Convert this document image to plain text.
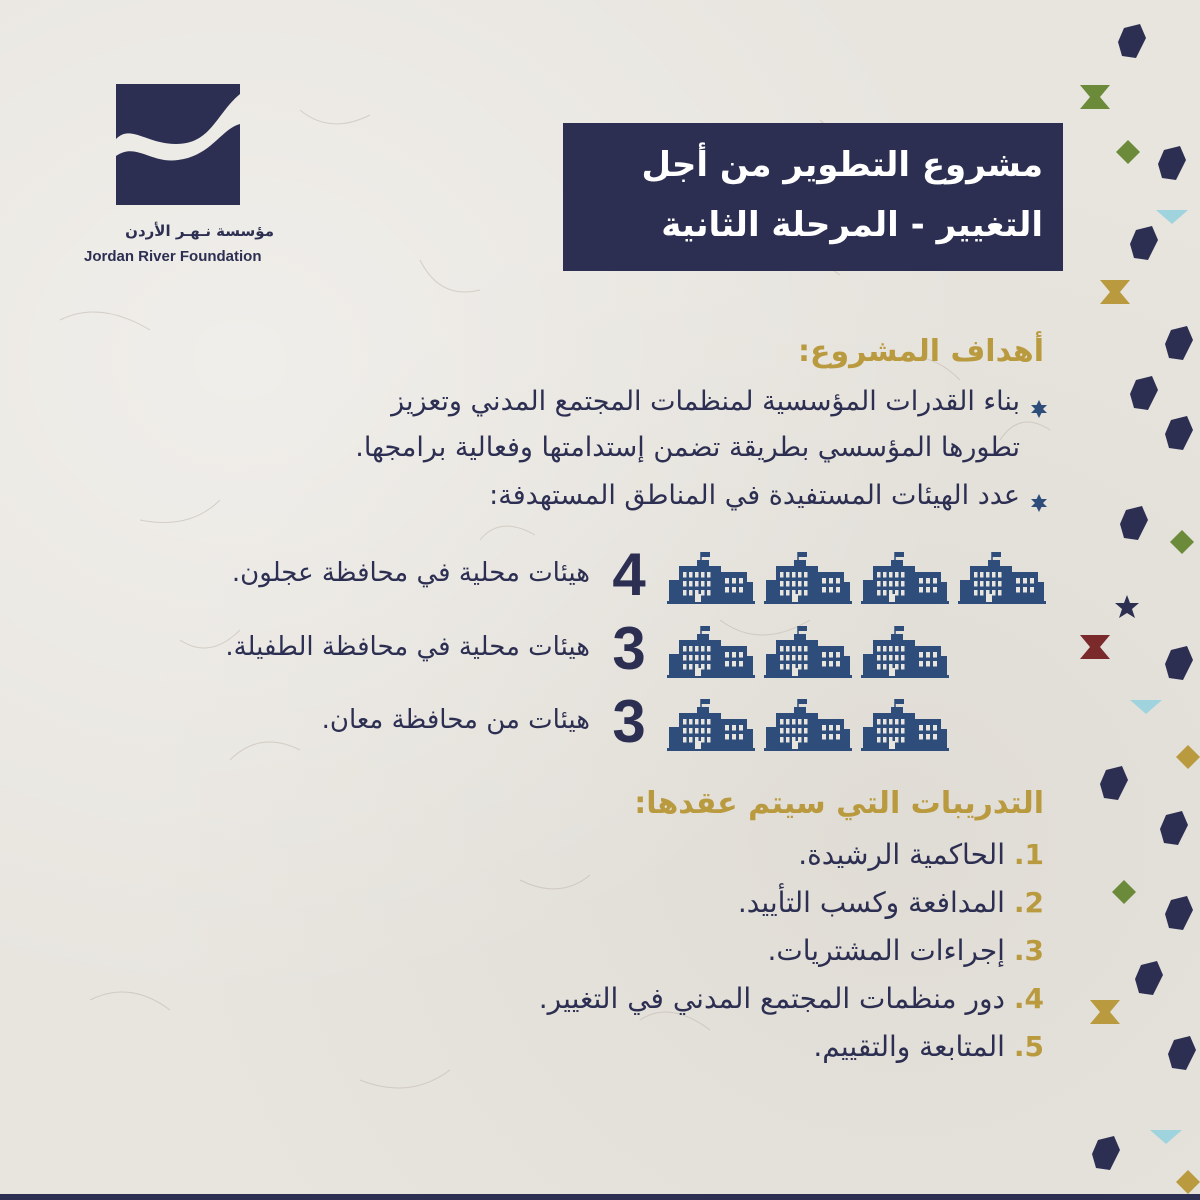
مؤسسة نـهـر الأردن
Jordan River Foundation
مشروع التطوير من أجل
التغيير - المرحلة الثانية
أهداف المشروع:
بناء القدرات المؤسسية لمنظمات المجتمع المدني وتعزيز
تطورها المؤسسي بطريقة تضمن إستدامتها وفعالية برامجها.
عدد الهيئات المستفيدة في المناطق المستهدفة:
هيئات محلية في محافظة عجلون. 4
هيئات محلية في محافظة الطفيلة. 3
هيئات من محافظة معان. 3
التدريبات التي سيتم عقدها:
1. الحاكمية الرشيدة.
2. المدافعة وكسب التأييد.
3. إجراءات المشتريات.
4. دور منظمات المجتمع المدني في التغيير.
5. المتابعة والتقييم.
